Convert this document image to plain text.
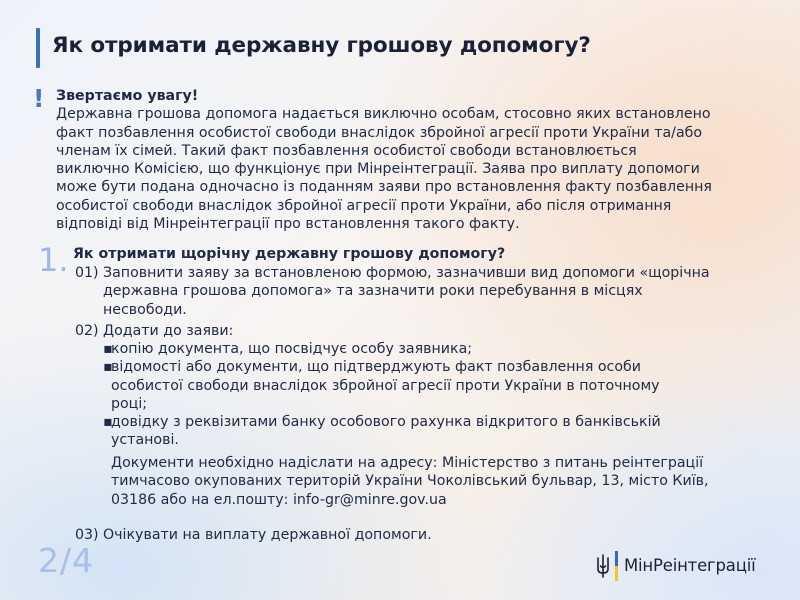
Як отримати державну грошову допомогу?
! Звертаємо увагу!
Державна грошова допомога надається виключно особам, стосовно яких встановлено
факт позбавлення особистої свободи внаслідок збройної агресії проти України та/або
членам їх сімей. Такий факт позбавлення особистої свободи встановлюється
виключно Комісією, що функціонує при Мінреінтеграції. Заява про виплату допомоги
може бути подана одночасно із поданням заяви про встановлення факту позбавлення
особистої свободи внаслідок збройної агресії проти України, або після отримання
відповіді від Мінреінтеграції про встановлення такого факту.
1. Як отримати щорічну державну грошову допомогу?
01) Заповнити заяву за встановленою формою, зазначивши вид допомоги «щорічна
державна грошова допомога» та зазначити роки перебування в місцях
несвободи.
02) Додати до заяви:
▪
копію документа, що посвідчує особу заявника;
▪
відомості або документи, що підтверджують факт позбавлення особи
особистої свободи внаслідок збройної агресії проти України в поточному
році;
▪
довідку з реквізитами банку особового рахунка відкритого в банківській
установі.
Документи необхідно надіслати на адресу: Міністерство з питань реінтеграції
тимчасово окупованих територій України Чоколівський бульвар, 13, місто Київ,
03186 або на ел.пошту: info-gr@minre.gov.ua
03) Очікувати на виплату державної допомоги.
2/4	МінРеінтеграції
